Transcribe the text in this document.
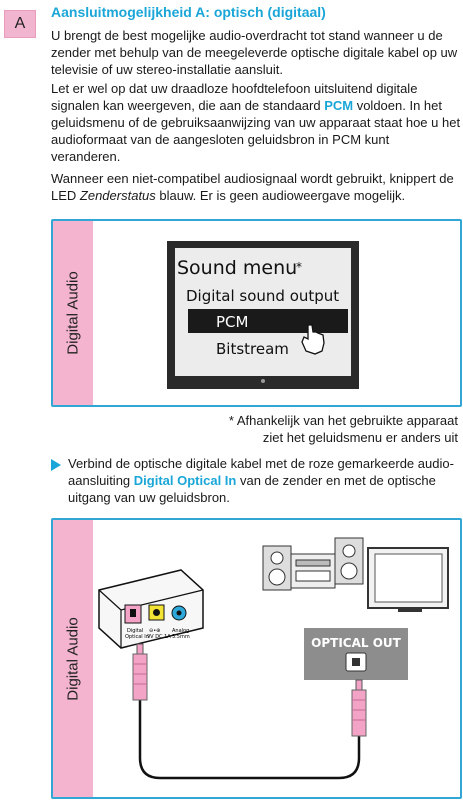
A
Aansluitmogelijkheid A: optisch (digitaal)

U brengt de best mogelijke audio-overdracht tot stand wanneer u de zender met behulp van de meegeleverde optische digitale kabel op uw televisie of uw stereo-installatie aansluit.

Let er wel op dat uw draadloze hoofdtelefoon uitsluitend digitale signalen kan weergeven, die aan de standaard PCM voldoen. In het geluidsmenu of de gebruiksaanwijzing van uw apparaat staat hoe u het audioformaat van de aangesloten geluidsbron in PCM kunt veranderen.

Wanneer een niet-compatibel audiosignaal wordt gebruikt, knippert de LED Zenderstatus blauw. Er is geen audioweergave mogelijk.

Digital Audio
Sound menu
*
Digital sound output
PCM
Bitstream
* Afhankelijk van het gebruikte apparaat
ziet het geluidsmenu er anders uit

Verbind de optische digitale kabel met de roze gemarkeerde audio-aansluiting Digital Optical In van de zender en met de optische uitgang van uw geluidsbron.

Digital Audio	Digital
Optical In
⊖•⊕
9V DC 1A
Analog
3.5mm	OPTICAL OUT
